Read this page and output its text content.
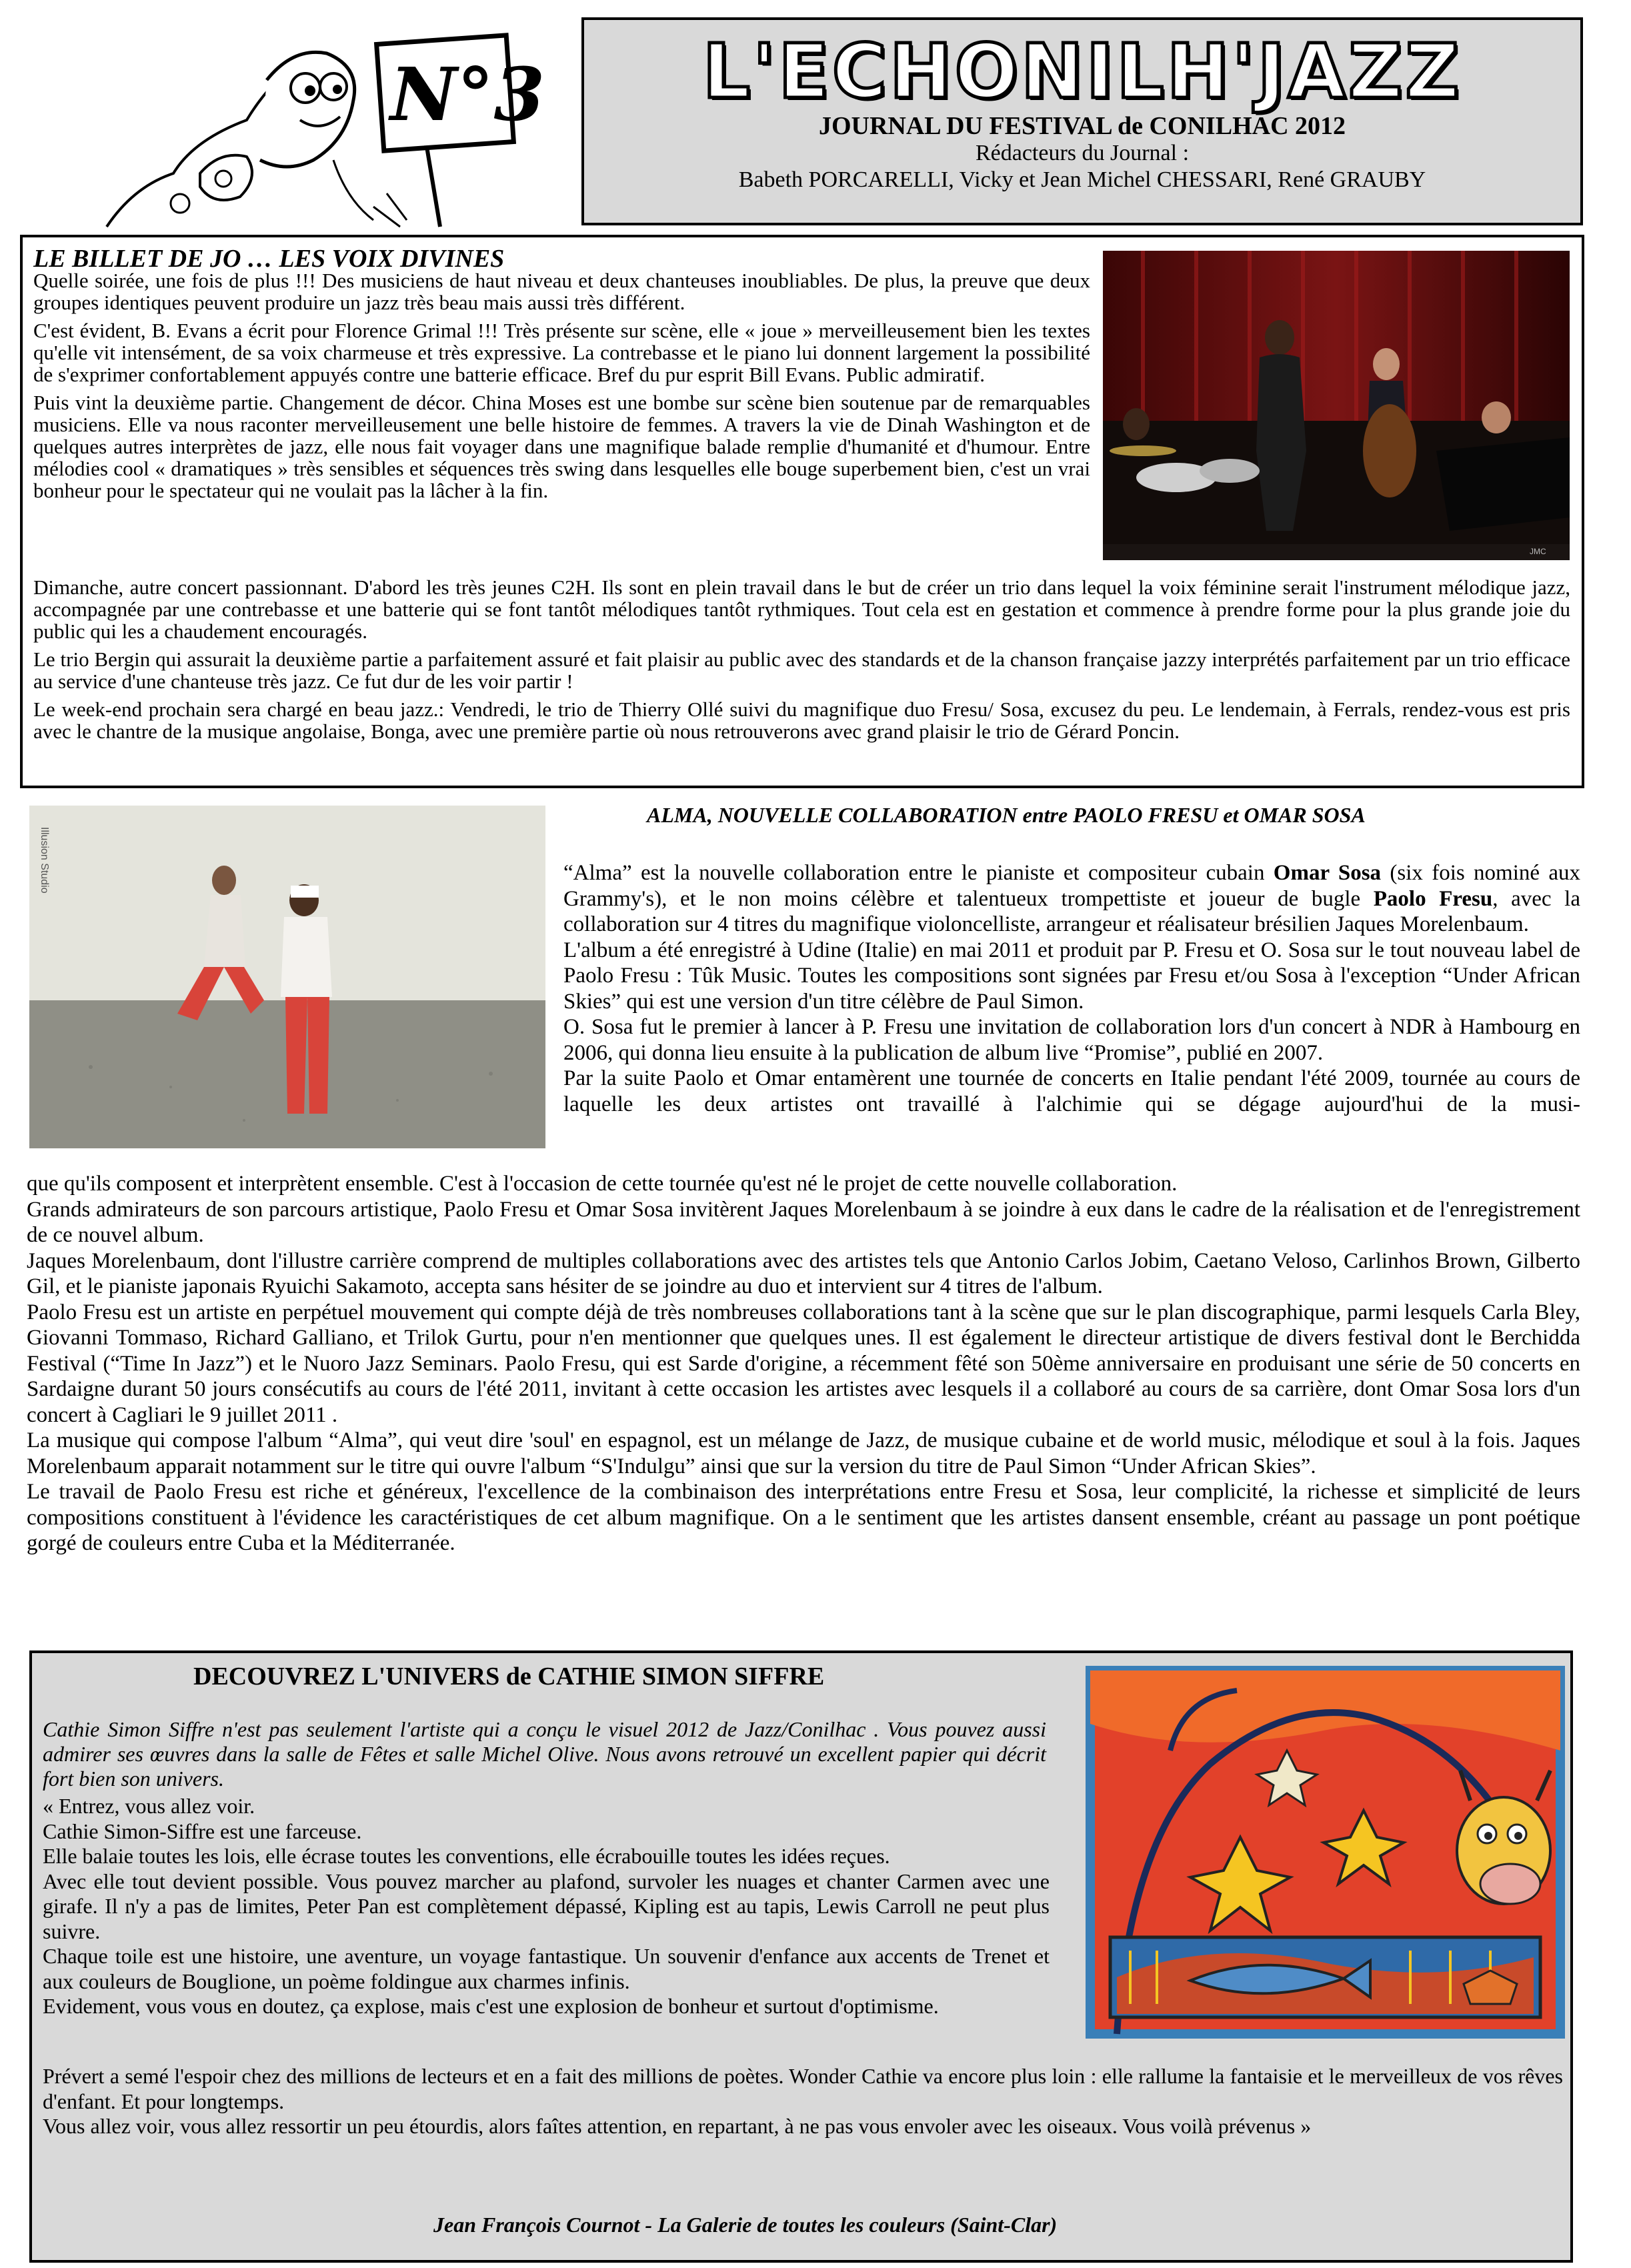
N°3	L'ECHONILH'JAZZ
JOURNAL DU FESTIVAL de CONILHAC 2012
Rédacteurs du Journal :
Babeth PORCARELLI, Vicky et Jean Michel CHESSARI, René GRAUBY
LE BILLET DE JO … LES VOIX DIVINES

Quelle soirée, une fois de plus !!! Des musiciens de haut niveau et deux chanteuses inoubliables. De plus, la preuve que deux groupes identiques peuvent produire un jazz très beau mais aussi très différent.

C'est évident, B. Evans a écrit pour Florence Grimal !!! Très présente sur scène, elle « joue » merveilleusement bien les textes qu'elle vit intensément, de sa voix charmeuse et très expressive. La contrebasse et le piano lui donnent largement la possibilité de s'exprimer confortablement appuyés contre une batterie efficace. Bref du pur esprit Bill Evans. Public admiratif.

Puis vint la deuxième partie. Changement de décor. China Moses est une bombe sur scène bien soutenue par de remarquables musiciens. Elle va nous raconter merveilleusement une belle histoire de femmes. A travers la vie de Dinah Washington et de quelques autres interprètes de jazz, elle nous fait voyager dans une magnifique balade remplie d'humanité et d'humour. Entre mélodies cool « dramatiques » très sensibles et séquences très swing dans lesquelles elle bouge superbement bien, c'est un vrai bonheur pour le spectateur qui ne voulait pas la lâcher à la fin.

JMC

Dimanche, autre concert passionnant. D'abord les très jeunes C2H. Ils sont en plein travail dans le but de créer un trio dans lequel la voix féminine serait l'instrument mélodique jazz, accompagnée par une contrebasse et une batterie qui se font tantôt mélodiques tantôt rythmiques. Tout cela est en gestation et commence à prendre forme pour la plus grande joie du public qui les a chaudement encouragés.

Le trio Bergin qui assurait la deuxième partie a parfaitement assuré et fait plaisir au public avec des standards et de la chanson française jazzy interprétés parfaitement par un trio efficace au service d'une chanteuse très jazz. Ce fut dur de les voir partir !

Le week-end prochain sera chargé en beau jazz.: Vendredi, le trio de Thierry Ollé suivi du magnifique duo Fresu/ Sosa, excusez du peu. Le lendemain, à Ferrals, rendez-vous est pris avec le chantre de la musique angolaise, Bonga, avec une première partie où nous retrouverons avec grand plaisir le trio de Gérard Poncin.

Illusion Studio
ALMA, NOUVELLE COLLABORATION entre PAOLO FRESU et OMAR SOSA

“Alma” est la nouvelle collaboration entre le pianiste et compositeur cubain Omar Sosa (six fois nominé aux Grammy's), et le non moins célèbre et talentueux trompettiste et joueur de bugle Paolo Fresu, avec la collaboration sur 4 titres du magnifique violoncelliste, arrangeur et réalisateur brésilien Jaques Morelenbaum.

L'album a été enregistré à Udine (Italie) en mai 2011 et produit par P. Fresu et O. Sosa sur le tout nouveau label de Paolo Fresu : Tûk Music. Toutes les compositions sont signées par Fresu et/ou Sosa à l'exception “Under African Skies” qui est une version d'un titre célèbre de Paul Simon.

O. Sosa fut le premier à lancer à P. Fresu une invitation de collaboration lors d'un concert à NDR à Hambourg en 2006, qui donna lieu ensuite à la publication de album live “Promise”, publié en 2007.

Par la suite Paolo et Omar entamèrent une tournée de concerts en Italie pendant l'été 2009, tournée au cours de laquelle les deux artistes ont travaillé à l'alchimie qui se dégage aujourd'hui de la musi-

que qu'ils composent et interprètent ensemble. C'est à l'occasion de cette tournée qu'est né le projet de cette nouvelle collaboration.

Grands admirateurs de son parcours artistique, Paolo Fresu et Omar Sosa invitèrent Jaques Morelenbaum à se joindre à eux dans le cadre de la réalisation et de l'enregistrement de ce nouvel album.

Jaques Morelenbaum, dont l'illustre carrière comprend de multiples collaborations avec des artistes tels que Antonio Carlos Jobim, Caetano Veloso, Carlinhos Brown, Gilberto Gil, et le pianiste japonais Ryuichi Sakamoto, accepta sans hésiter de se joindre au duo et intervient sur 4 titres de l'album.

Paolo Fresu est un artiste en perpétuel mouvement qui compte déjà de très nombreuses collaborations tant à la scène que sur le plan discographique, parmi lesquels Carla Bley, Giovanni Tommaso, Richard Galliano, et Trilok Gurtu, pour n'en mentionner que quelques unes. Il est également le directeur artistique de divers festival dont le Berchidda Festival (“Time In Jazz”) et le Nuoro Jazz Seminars. Paolo Fresu, qui est Sarde d'origine, a récemment fêté son 50ème anniversaire en produisant une série de 50 concerts en Sardaigne durant 50 jours consécutifs au cours de l'été 2011, invitant à cette occasion les artistes avec lesquels il a collaboré au cours de sa carrière, dont Omar Sosa lors d'un concert à Cagliari le 9 juillet 2011 .

La musique qui compose l'album “Alma”, qui veut dire 'soul' en espagnol, est un mélange de Jazz, de musique cubaine et de world music, mélodique et soul à la fois. Jaques Morelenbaum apparait notamment sur le titre qui ouvre l'album “S'Indulgu” ainsi que sur la version du titre de Paul Simon “Under African Skies”.

Le travail de Paolo Fresu est riche et généreux, l'excellence de la combinaison des interprétations entre Fresu et Sosa, leur complicité, la richesse et simplicité de leurs compositions constituent à l'évidence les caractéristiques de cet album magnifique. On a le sentiment que les artistes dansent ensemble, créant au passage un pont poétique gorgé de couleurs entre Cuba et la Méditerranée.

DECOUVREZ L'UNIVERS de CATHIE SIMON SIFFRE
Cathie Simon Siffre n'est pas seulement l'artiste qui a conçu le visuel 2012 de Jazz/Conilhac . Vous pouvez aussi admirer ses œuvres dans la salle de Fêtes et salle Michel Olive. Nous avons retrouvé un excellent papier qui décrit fort bien son univers.

« Entrez, vous allez voir.

Cathie Simon-Siffre est une farceuse.

Elle balaie toutes les lois, elle écrase toutes les conventions, elle écrabouille toutes les idées reçues.

Avec elle tout devient possible. Vous pouvez marcher au plafond, survoler les nuages et chanter Carmen avec une girafe. Il n'y a pas de limites, Peter Pan est complètement dépassé, Kipling est au tapis, Lewis Carroll ne peut plus suivre.

Chaque toile est une histoire, une aventure, un voyage fantastique. Un souvenir d'enfance aux accents de Trenet et aux couleurs de Bouglione, un poème foldingue aux charmes infinis.

Evidement, vous vous en doutez, ça explose, mais c'est une explosion de bonheur et surtout d'optimisme.

Prévert a semé l'espoir chez des millions de lecteurs et en a fait des millions de poètes. Wonder Cathie va encore plus loin : elle rallume la fantaisie et le merveilleux de vos rêves d'enfant. Et pour longtemps.

Vous allez voir, vous allez ressortir un peu étourdis, alors faîtes attention, en repartant, à ne pas vous envoler avec les oiseaux. Vous voilà prévenus »

Jean François Cournot - La Galerie de toutes les couleurs (Saint-Clar)
